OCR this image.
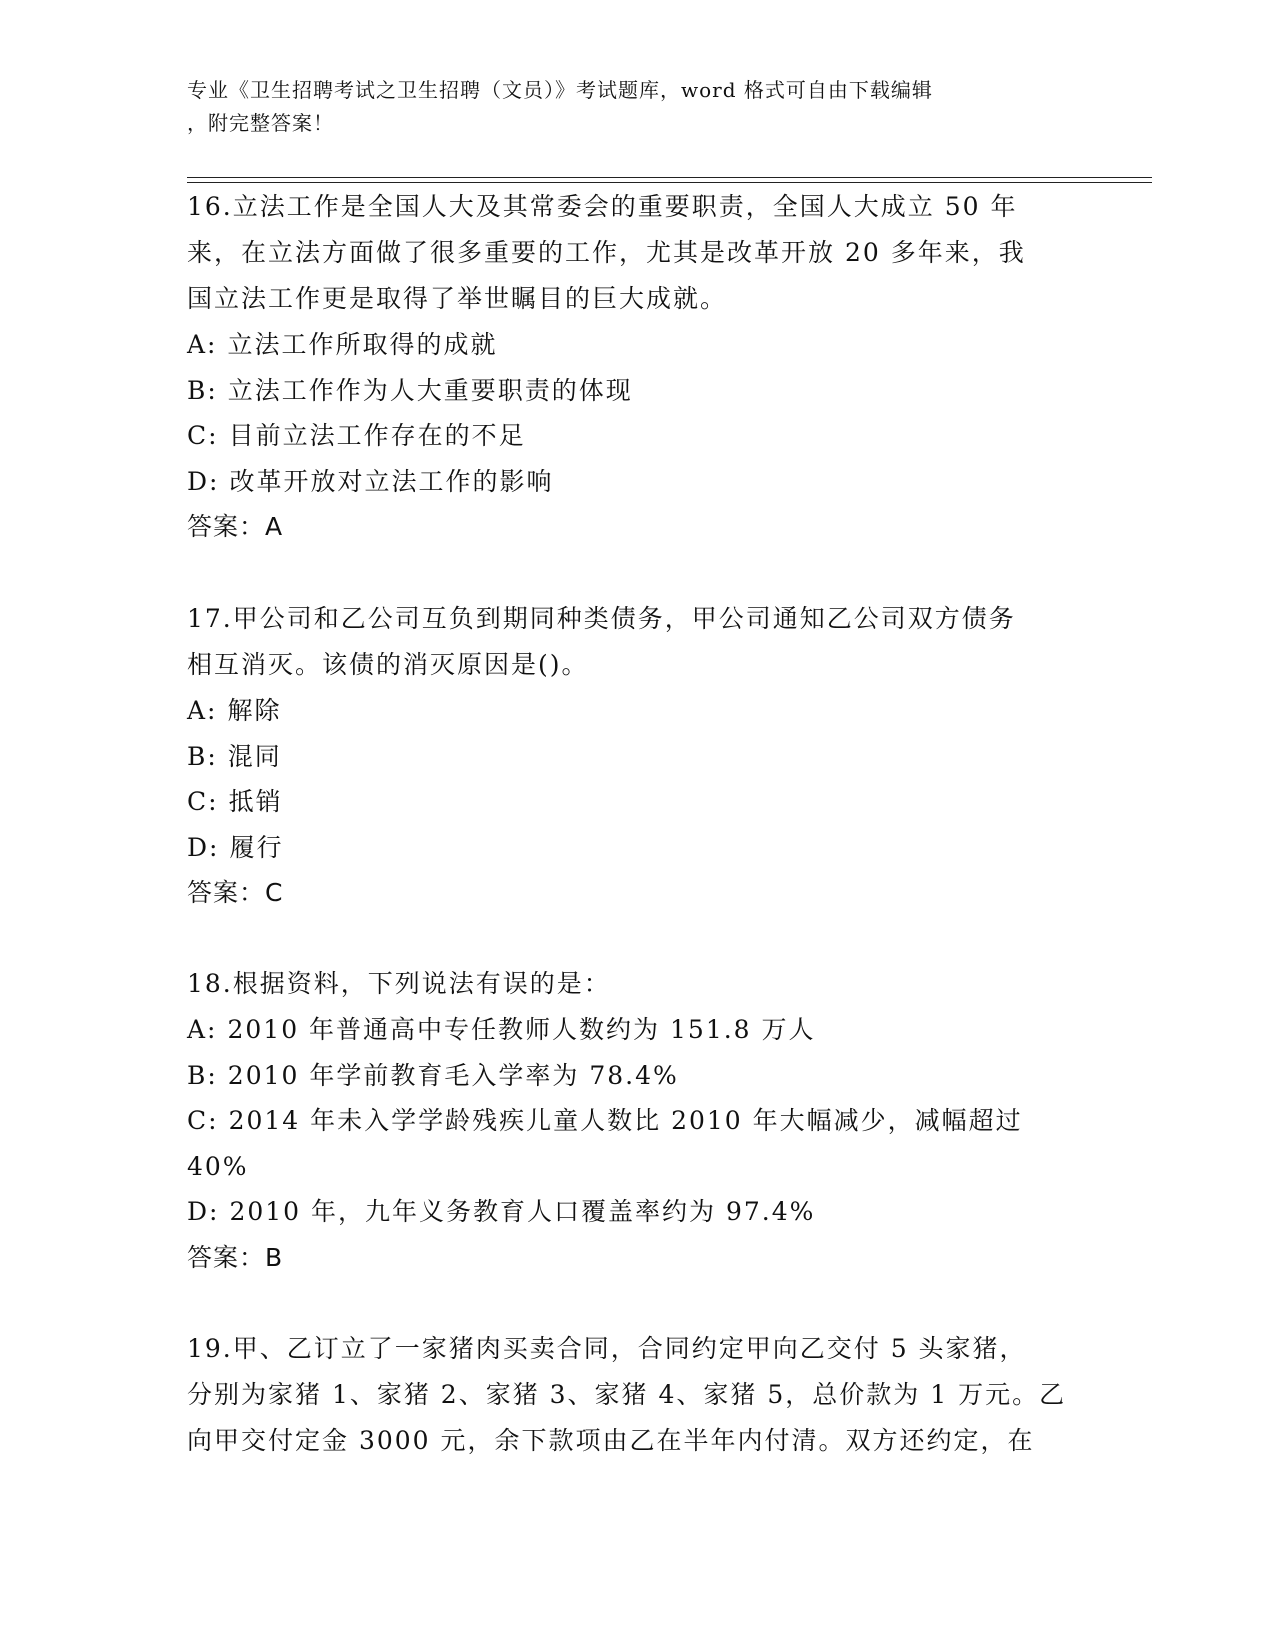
专业《卫生招聘考试之卫生招聘（文员）》考试题库，word 格式可自由下载编辑
，附完整答案！
16.立法工作是全国人大及其常委会的重要职责，全国人大成立 50 年
来，在立法方面做了很多重要的工作，尤其是改革开放 20 多年来，我
国立法工作更是取得了举世瞩目的巨大成就。
A: 立法工作所取得的成就
B: 立法工作作为人大重要职责的体现
C: 目前立法工作存在的不足
D: 改革开放对立法工作的影响
答案：A
17.甲公司和乙公司互负到期同种类债务，甲公司通知乙公司双方债务
相互消灭。该债的消灭原因是()。
A: 解除
B: 混同
C: 抵销
D: 履行
答案：C
18.根据资料，下列说法有误的是：
A: 2010 年普通高中专任教师人数约为 151.8 万人
B: 2010 年学前教育毛入学率为 78.4%
C: 2014 年未入学学龄残疾儿童人数比 2010 年大幅减少，减幅超过
40%
D: 2010 年，九年义务教育人口覆盖率约为 97.4%
答案：B
19.甲、乙订立了一家猪肉买卖合同，合同约定甲向乙交付 5 头家猪，
分别为家猪 1、家猪 2、家猪 3、家猪 4、家猪 5，总价款为 1 万元。乙
向甲交付定金 3000 元，余下款项由乙在半年内付清。双方还约定，在
